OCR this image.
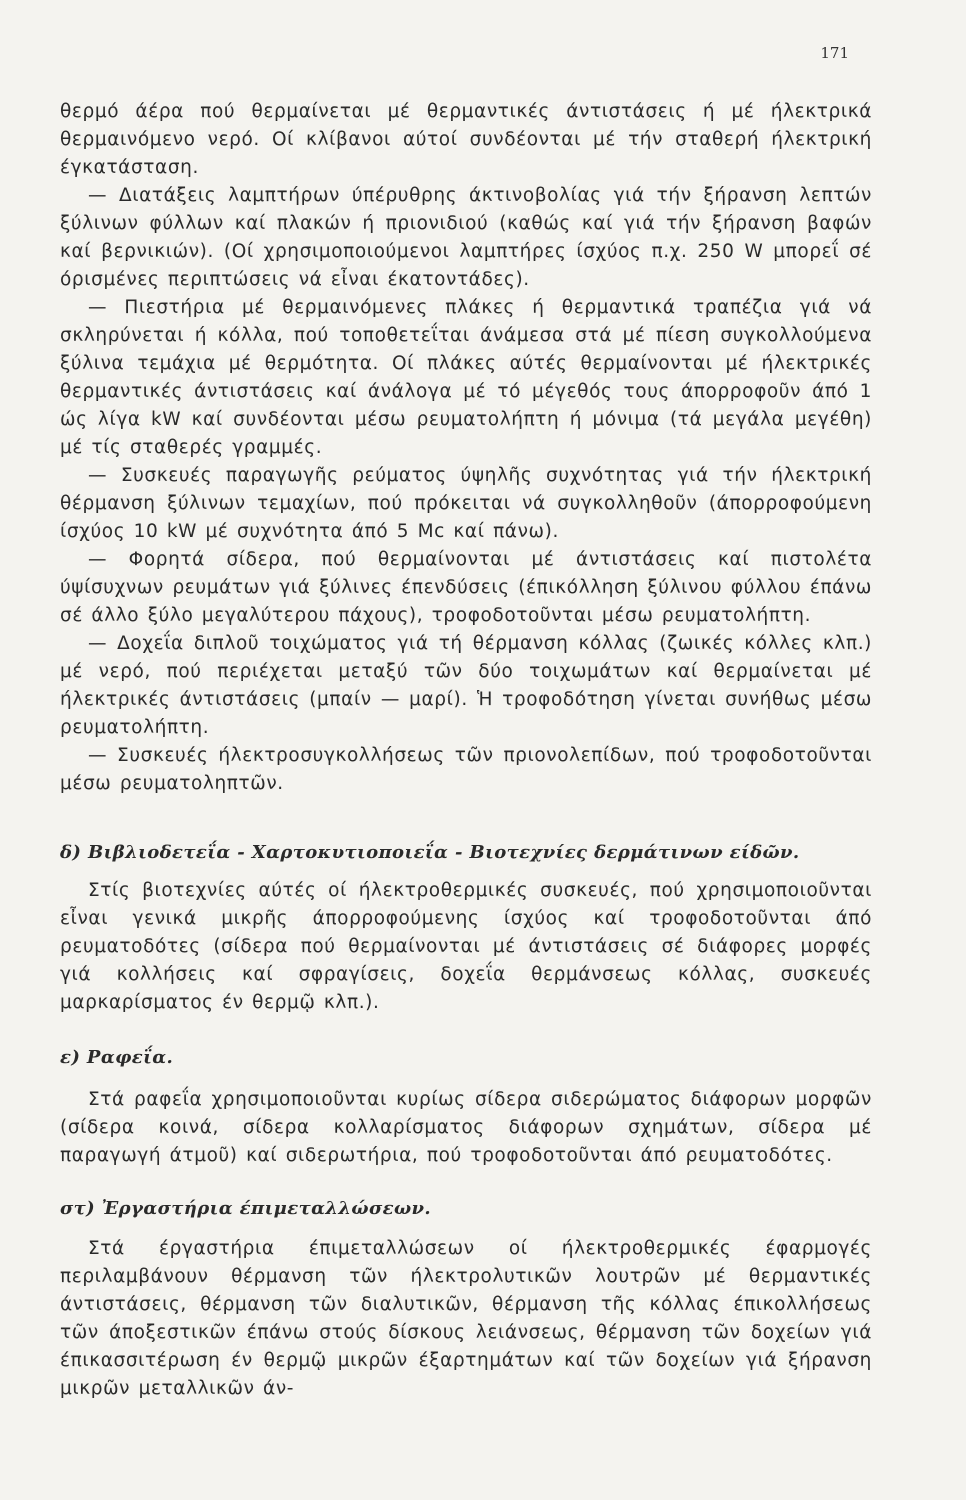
171

θερμό άέρα πού θερμαίνεται μέ θερμαντικές άντιστάσεις ή μέ ήλεκτρικά θερμαινόμενο νερό. Οί κλίβανοι αύτοί συνδέονται μέ τήν σταθερή ήλεκτρική έγκατάσταση.

— Διατάξεις λαμπτήρων ύπέρυθρης άκτινοβολίας γιά τήν ξήρανση λεπτών ξύλινων φύλλων καί πλακών ή πριονιδιού (καθώς καί γιά τήν ξήρανση βαφών καί βερνικιών). (Οί χρησιμοποιούμενοι λαμπτήρες ίσχύος π.χ. 250 W μπορεΐ σέ όρισμένες περιπτώσεις νά εἶναι έκατοντάδες).

— Πιεστήρια μέ θερμαινόμενες πλάκες ή θερμαντικά τραπέζια γιά νά σκληρύνεται ή κόλλα, πού τοποθετεΐται άνάμεσα στά μέ πίεση συγκολλούμενα ξύλινα τεμάχια μέ θερμότητα. Οί πλάκες αύτές θερμαίνονται μέ ήλεκτρικές θερμαντικές άντιστάσεις καί άνάλογα μέ τό μέγεθός τους άπορροφοῦν άπό 1 ώς λίγα kW καί συνδέονται μέσω ρευματολήπτη ή μόνιμα (τά μεγάλα μεγέθη) μέ τίς σταθερές γραμμές.

— Συσκευές παραγωγῆς ρεύματος ύψηλῆς συχνότητας γιά τήν ήλεκτρική θέρμανση ξύλινων τεμαχίων, πού πρόκειται νά συγκολληθοῦν (άπορροφούμενη ίσχύος 10 kW μέ συχνότητα άπό 5 Mc καί πάνω).

— Φορητά σίδερα, πού θερμαίνονται μέ άντιστάσεις καί πιστολέτα ύψίσυχνων ρευμάτων γιά ξύλινες έπενδύσεις (έπικόλληση ξύλινου φύλλου έπάνω σέ άλλο ξύλο μεγαλύτερου πάχους), τροφοδοτοῦνται μέσω ρευματολήπτη.

— Δοχεΐα διπλοῦ τοιχώματος γιά τή θέρμανση κόλλας (ζωικές κόλλες κλπ.) μέ νερό, πού περιέχεται μεταξύ τῶν δύο τοιχωμάτων καί θερμαίνεται μέ ήλεκτρικές άντιστάσεις (μπαίν — μαρί). Ἡ τροφοδότηση γίνεται συνήθως μέσω ρευματολήπτη.

— Συσκευές ήλεκτροσυγκολλήσεως τῶν πριονολεπίδων, πού τροφοδοτοῦνται μέσω ρευματοληπτῶν.

δ) Βιβλιοδετεΐα - Χαρτοκυτιοποιεΐα - Βιοτεχνίες δερμάτινων είδῶν.

Στίς βιοτεχνίες αύτές οί ήλεκτροθερμικές συσκευές, πού χρησιμοποιοῦνται εἶναι γενικά μικρῆς άπορροφούμενης ίσχύος καί τροφοδοτοῦνται άπό ρευματοδότες (σίδερα πού θερμαίνονται μέ άντιστάσεις σέ διάφορες μορφές γιά κολλήσεις καί σφραγίσεις, δοχεΐα θερμάνσεως κόλλας, συσκευές μαρκαρίσματος έν θερμῷ κλπ.).

ε) Ραφεΐα.

Στά ραφεΐα χρησιμοποιοῦνται κυρίως σίδερα σιδερώματος διάφορων μορφῶν (σίδερα κοινά, σίδερα κολλαρίσματος διάφορων σχημάτων, σίδερα μέ παραγωγή άτμοῦ) καί σιδερωτήρια, πού τροφοδοτοῦνται άπό ρευματοδότες.

στ) Ἐργαστήρια έπιμεταλλώσεων.

Στά έργαστήρια έπιμεταλλώσεων οί ήλεκτροθερμικές έφαρμογές περιλαμβάνουν θέρμανση τῶν ήλεκτρολυτικῶν λουτρῶν μέ θερμαντικές άντιστάσεις, θέρμανση τῶν διαλυτικῶν, θέρμανση τῆς κόλλας έπικολλήσεως τῶν άποξεστικῶν έπάνω στούς δίσκους λειάνσεως, θέρμανση τῶν δοχείων γιά έπικασσιτέρωση έν θερμῷ μικρῶν έξαρτημάτων καί τῶν δοχείων γιά ξήρανση μικρῶν μεταλλικῶν άν-
